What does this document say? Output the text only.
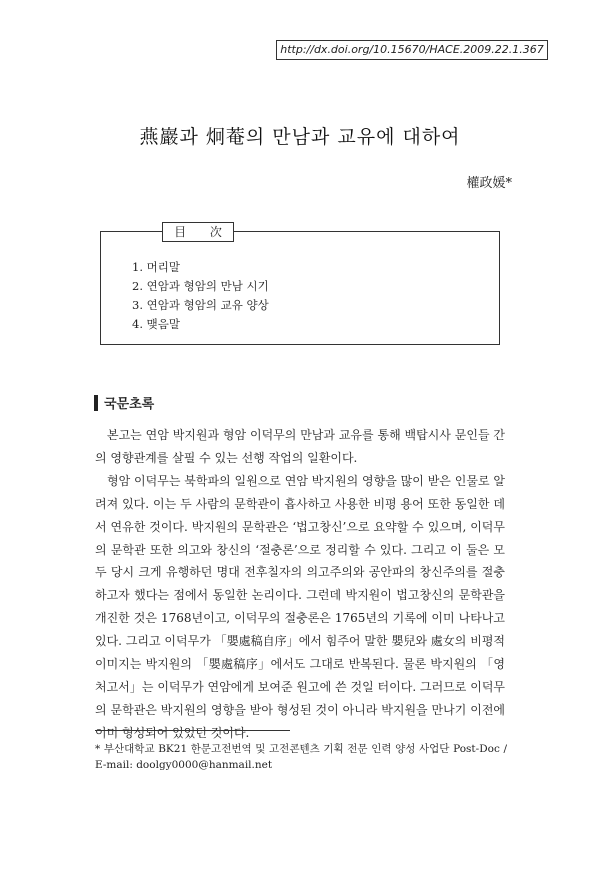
http://dx.doi.org/10.15670/HACE.2009.22.1.367
燕巖과 炯菴의 만남과 교유에 대하여
權政媛*
目 次
1. 머리말
2. 연암과 형암의 만남 시기
3. 연암과 형암의 교유 양상
4. 맺음말
국문초록

본고는 연암 박지원과 형암 이덕무의 만남과 교유를 통해 백탑시사 문인들 간의 영향관계를 살필 수 있는 선행 작업의 일환이다.

형암 이덕무는 북학파의 일원으로 연암 박지원의 영향을 많이 받은 인물로 알려져 있다. 이는 두 사람의 문학관이 흡사하고 사용한 비평 용어 또한 동일한 데서 연유한 것이다. 박지원의 문학관은 ‘법고창신’으로 요약할 수 있으며, 이덕무의 문학관 또한 의고와 창신의 ‘절충론’으로 정리할 수 있다. 그리고 이 둘은 모두 당시 크게 유행하던 명대 전후칠자의 의고주의와 공안파의 창신주의를 절충하고자 했다는 점에서 동일한 논리이다. 그런데 박지원이 법고창신의 문학관을 개진한 것은 1768년이고, 이덕무의 절충론은 1765년의 기록에 이미 나타나고 있다. 그리고 이덕무가 「嬰處稿自序」에서 힘주어 말한 嬰兒와 處女의 비평적 이미지는 박지원의 「嬰處稿序」에서도 그대로 반복된다. 물론 박지원의 「영처고서」는 이덕무가 연암에게 보여준 원고에 쓴 것일 터이다. 그러므로 이덕무의 문학관은 박지원의 영향을 받아 형성된 것이 아니라 박지원을 만나기 이전에 이미 형성되어 있었던 것이다.

* 부산대학교 BK21 한문고전번역 및 고전콘텐츠 기획 전문 인력 양성 사업단 Post-Doc / E-mail: doolgy0000@hanmail.net
